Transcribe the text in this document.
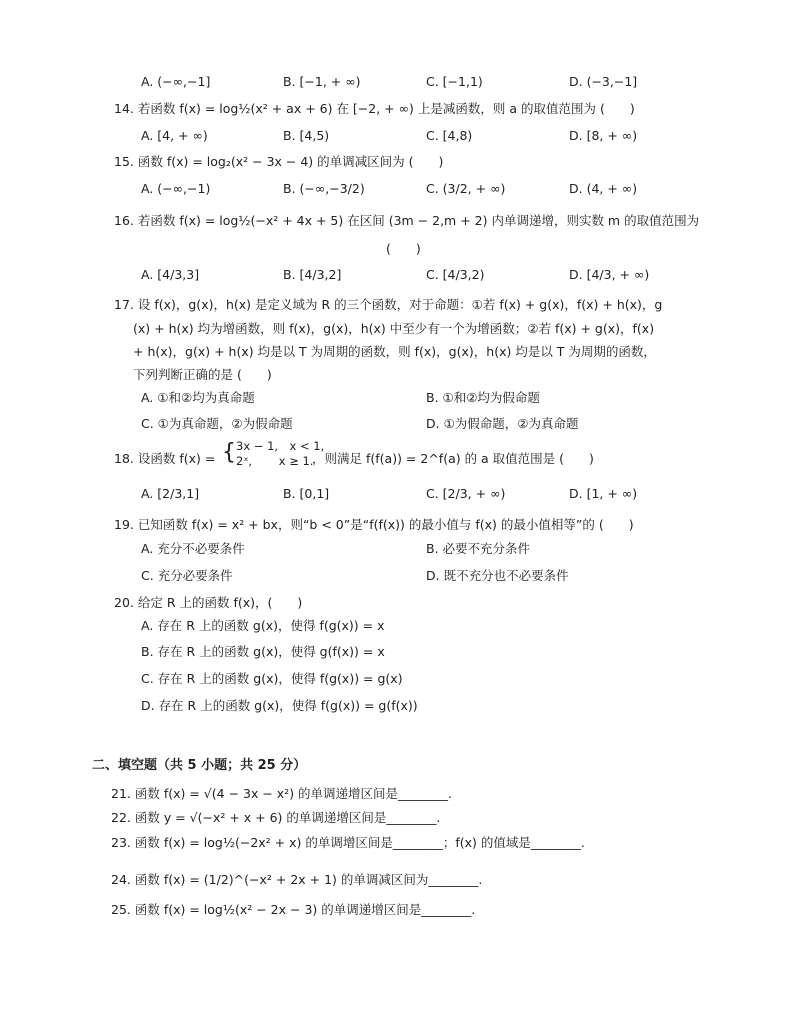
A. (−∞,−1]	B. [−1, + ∞)	C. [−1,1)	D. (−3,−1]
14. 若函数 f(x) = log½(x² + ax + 6) 在 [−2, + ∞) 上是减函数，则 a 的取值范围为 (　　)
A. [4, + ∞)	B. [4,5)	C. [4,8)	D. [8, + ∞)
15. 函数 f(x) = log₂(x² − 3x − 4) 的单调减区间为 (　　)
A. (−∞,−1)	B. (−∞,−3/2)	C. (3/2, + ∞)	D. (4, + ∞)
16. 若函数 f(x) = log½(−x² + 4x + 5) 在区间 (3m − 2,m + 2) 内单调递增，则实数 m 的取值范围为
(　　)
A. [4/3,3]	B. [4/3,2]	C. [4/3,2)	D. [4/3, + ∞)
17. 设 f(x)，g(x)，h(x) 是定义域为 R 的三个函数，对于命题：①若 f(x) + g(x)，f(x) + h(x)，g
(x) + h(x) 均为增函数，则 f(x)，g(x)，h(x) 中至少有一个为增函数；②若 f(x) + g(x)，f(x)
+ h(x)，g(x) + h(x) 均是以 T 为周期的函数，则 f(x)，g(x)，h(x) 均是以 T 为周期的函数，
下列判断正确的是 (　　)
A. ①和②均为真命题	B. ①和②均为假命题
C. ①为真命题，②为假命题	D. ①为假命题，②为真命题
18. 设函数 f(x) = { 3x − 1,　x < 1,
2ˣ,　　 x ≥ 1.
，则满足 f(f(a)) = 2^f(a) 的 a 取值范围是 (　　)
A. [2/3,1]	B. [0,1]	C. [2/3, + ∞)	D. [1, + ∞)
19. 已知函数 f(x) = x² + bx，则“b < 0”是“f(f(x)) 的最小值与 f(x) 的最小值相等”的 (　　)
A. 充分不必要条件	B. 必要不充分条件
C. 充分必要条件	D. 既不充分也不必要条件
20. 给定 R 上的函数 f(x)，(　　)
A. 存在 R 上的函数 g(x)，使得 f(g(x)) = x
B. 存在 R 上的函数 g(x)，使得 g(f(x)) = x
C. 存在 R 上的函数 g(x)，使得 f(g(x)) = g(x)
D. 存在 R 上的函数 g(x)，使得 f(g(x)) = g(f(x))
二、填空题（共 5 小题；共 25 分）
21. 函数 f(x) = √(4 − 3x − x²) 的单调递增区间是________.
22. 函数 y = √(−x² + x + 6) 的单调递增区间是________.
23. 函数 f(x) = log½(−2x² + x) 的单调增区间是________；f(x) 的值域是________.
24. 函数 f(x) = (1/2)^(−x² + 2x + 1) 的单调减区间为________.
25. 函数 f(x) = log½(x² − 2x − 3) 的单调递增区间是________.
